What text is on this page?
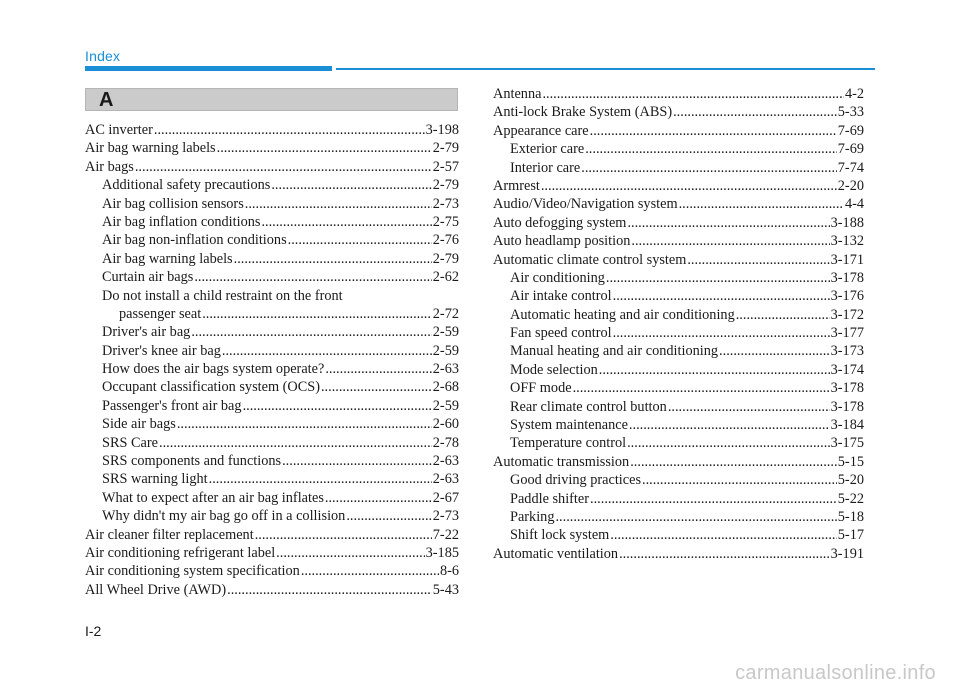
Index
A
AC inverter .....	3-198
Air bag warning labels .....	2-79
Air bags .....	2-57
Additional safety precautions .....	2-79
Air bag collision sensors .....	2-73
Air bag inflation conditions .....	2-75
Air bag non-inflation conditions .....	2-76
Air bag warning labels .....	2-79
Curtain air bags .....	2-62
Do not install a child restraint on the front
passenger seat .....	2-72
Driver's air bag .....	2-59
Driver's knee air bag .....	2-59
How does the air bags system operate? .....	2-63
Occupant classification system (OCS) .....	2-68
Passenger's front air bag .....	2-59
Side air bags .....	2-60
SRS Care .....	2-78
SRS components and functions .....	2-63
SRS warning light .....	2-63
What to expect after an air bag inflates .....	2-67
Why didn't my air bag go off in a collision .....	2-73
Air cleaner filter replacement .....	7-22
Air conditioning refrigerant label .....	3-185
Air conditioning system specification .....	8-6
All Wheel Drive (AWD) .....	5-43
Antenna .....	4-2
Anti-lock Brake System (ABS) .....	5-33
Appearance care .....	7-69
Exterior care .....	7-69
Interior care .....	7-74
Armrest .....	2-20
Audio/Video/Navigation system .....	4-4
Auto defogging system .....	3-188
Auto headlamp position .....	3-132
Automatic climate control system .....	3-171
Air conditioning .....	3-178
Air intake control .....	3-176
Automatic heating and air conditioning .....	3-172
Fan speed control .....	3-177
Manual heating and air conditioning .....	3-173
Mode selection .....	3-174
OFF mode .....	3-178
Rear climate control button .....	3-178
System maintenance .....	3-184
Temperature control .....	3-175
Automatic transmission .....	5-15
Good driving practices .....	5-20
Paddle shifter .....	5-22
Parking .....	5-18
Shift lock system .....	5-17
Automatic ventilation .....	3-191
I-2
carmanualsonline.info
